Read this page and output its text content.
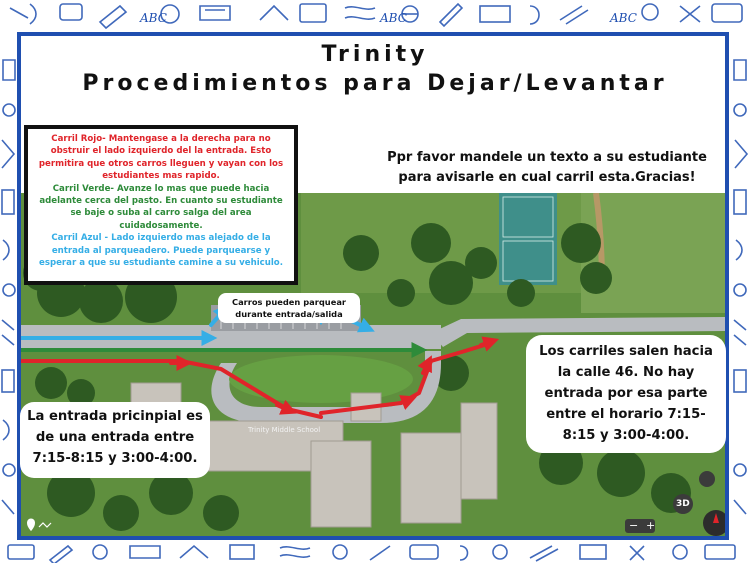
ABC	ABC	ABC
Trinity
Procedimientos para Dejar/Levantar
3D
− +
Trinity Middle School

Carril Rojo- Mantengase a la derecha para no obstruir el lado izquierdo del la entrada. Esto permitira que otros carros lleguen y vayan con los estudiantes mas rapido.

Carril Verde- Avanze lo mas que puede hacia adelante cerca del pasto. En cuanto su estudiante se baje o suba al carro salga del area cuidadosamente.

Carril Azul - Lado izquierdo mas alejado de la entrada al parqueadero. Puede parquearse y esperar a que su estudiante camine a su vehiculo.

Ppr favor mandele un texto a su estudiante para avisarle en cual carril esta.Gracias!
Carros pueden parquear durante entrada/salida
Los carriles salen hacia la calle 46. No hay entrada por esa parte entre el horario 7:15-8:15 y 3:00-4:00.
La entrada pricinpial es de una entrada entre 7:15-8:15 y 3:00-4:00.
